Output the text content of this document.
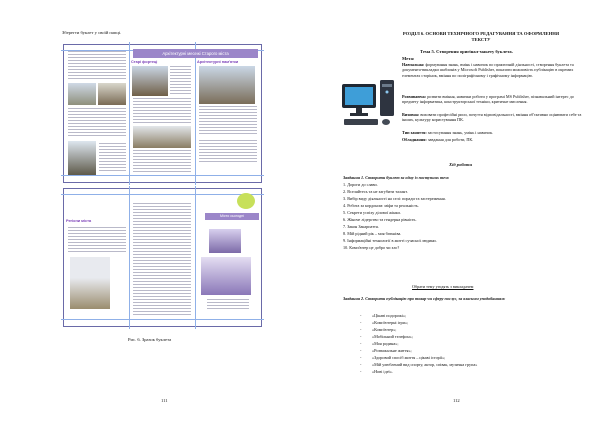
Зберегти буклет у своїй папці.
Архітектурні месежі Старого міста
Старі фортеці	Архітектурні пам'ятки
Регіони міста
Місто сьогодні
Рис. 6. Зразок буклета
111
РОЗДІЛ 6. ОСНОВИ ТЕХНІЧНОГО РЕДАГУВАННЯ ТА ОФОРМЛЕННЯ ТЕКСТУ
Тема 5. Створення оригінал-макету буклета.
Мета:
Навчальна: формування знань, вмінь і навичок по практичній діяльності, створення буклета та документа-викладки шаблонів у Microsoft Publisher, показати можливість публікацію в окремих елементах сторінок, вміння по поліграфічному і графічному інформацію.
Розвиваюча: розвити вміння, навички роботи у програмі MS Publisher, пізнавальний інтерес до предмету інформатика, конструкторської техніки, критичне мислення.
Виховна: виховати професійні риси, почуття відповідальності, вміння об'єктивно оцінювати себе та інших, культуру користування ПК.
Тип заняття: застосування знань, умінь і навичок.
Обладнання: завдання для роботи, ПК.
Хід роботи
Завдання 1. Створити буклет за одну із поступних тем:
1. Дороги до слави.
2. Вселяйтесь та не загубити талант.
3. Вибір виду діяльності на селі: поради та застереження.
4. Робота за кордоном: міфи та реальність.
5. Секрети успіху ділової жінки.
6. Жіноче лідерство та гендерна рівність.
7. Закон Закарпаття.
8. Мій рідний рік – моя батьківа.
9. Інформаційні технології в житті сучасної людини.
10. Комп'ютер це добро чи зло?
Обрати тему угодять з викладачем
Завдання 2. Створити публікацію про товар чи сферу послуг, за власним уподобанням:
-	«Цікаві подорожі»;
-	«Комп'ютерні ігри»;
-	«Комп'ютер»;
-	«Мобільний телефон»;
-	«Моя родина»;
-	«Розважальне життя»;
-	«Здоровий спосіб життя – цікаві історії»;
-	«Мій улюблений вид спорту, актор, співак, музична група»
-	«Нові ідеї».
112
